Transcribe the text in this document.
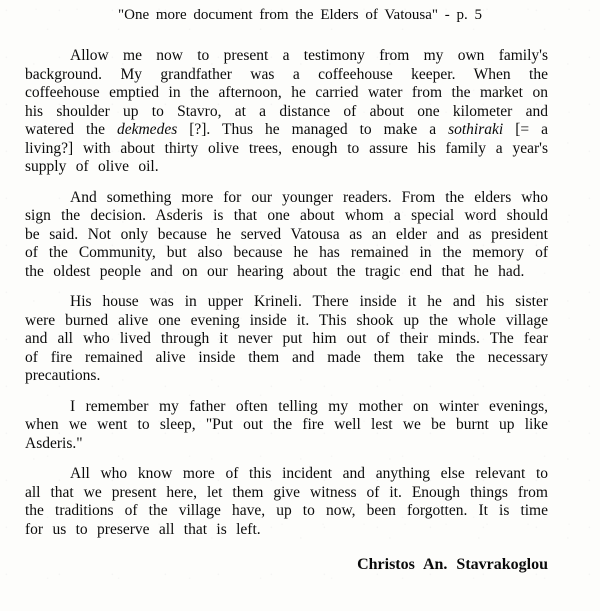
"One more document from the Elders of Vatousa" - p. 5

Allow me now to present a testimony from my own family's background. My grandfather was a coffeehouse keeper. When the coffeehouse emptied in the afternoon, he carried water from the market on his shoulder up to Stavro, at a distance of about one kilometer and watered the dekmedes [?]. Thus he managed to make a sothiraki [= a living?] with about thirty olive trees, enough to assure his family a year's supply of olive oil.

And something more for our younger readers. From the elders who sign the decision. Asderis is that one about whom a special word should be said. Not only because he served Vatousa as an elder and as president of the Community, but also because he has remained in the memory of the oldest people and on our hearing about the tragic end that he had.

His house was in upper Krineli. There inside it he and his sister were burned alive one evening inside it. This shook up the whole village and all who lived through it never put him out of their minds. The fear of fire remained alive inside them and made them take the necessary precautions.

I remember my father often telling my mother on winter evenings, when we went to sleep, "Put out the fire well lest we be burnt up like Asderis."

All who know more of this incident and anything else relevant to all that we present here, let them give witness of it. Enough things from the traditions of the village have, up to now, been forgotten. It is time for us to preserve all that is left.

Christos An. Stavrakoglou
